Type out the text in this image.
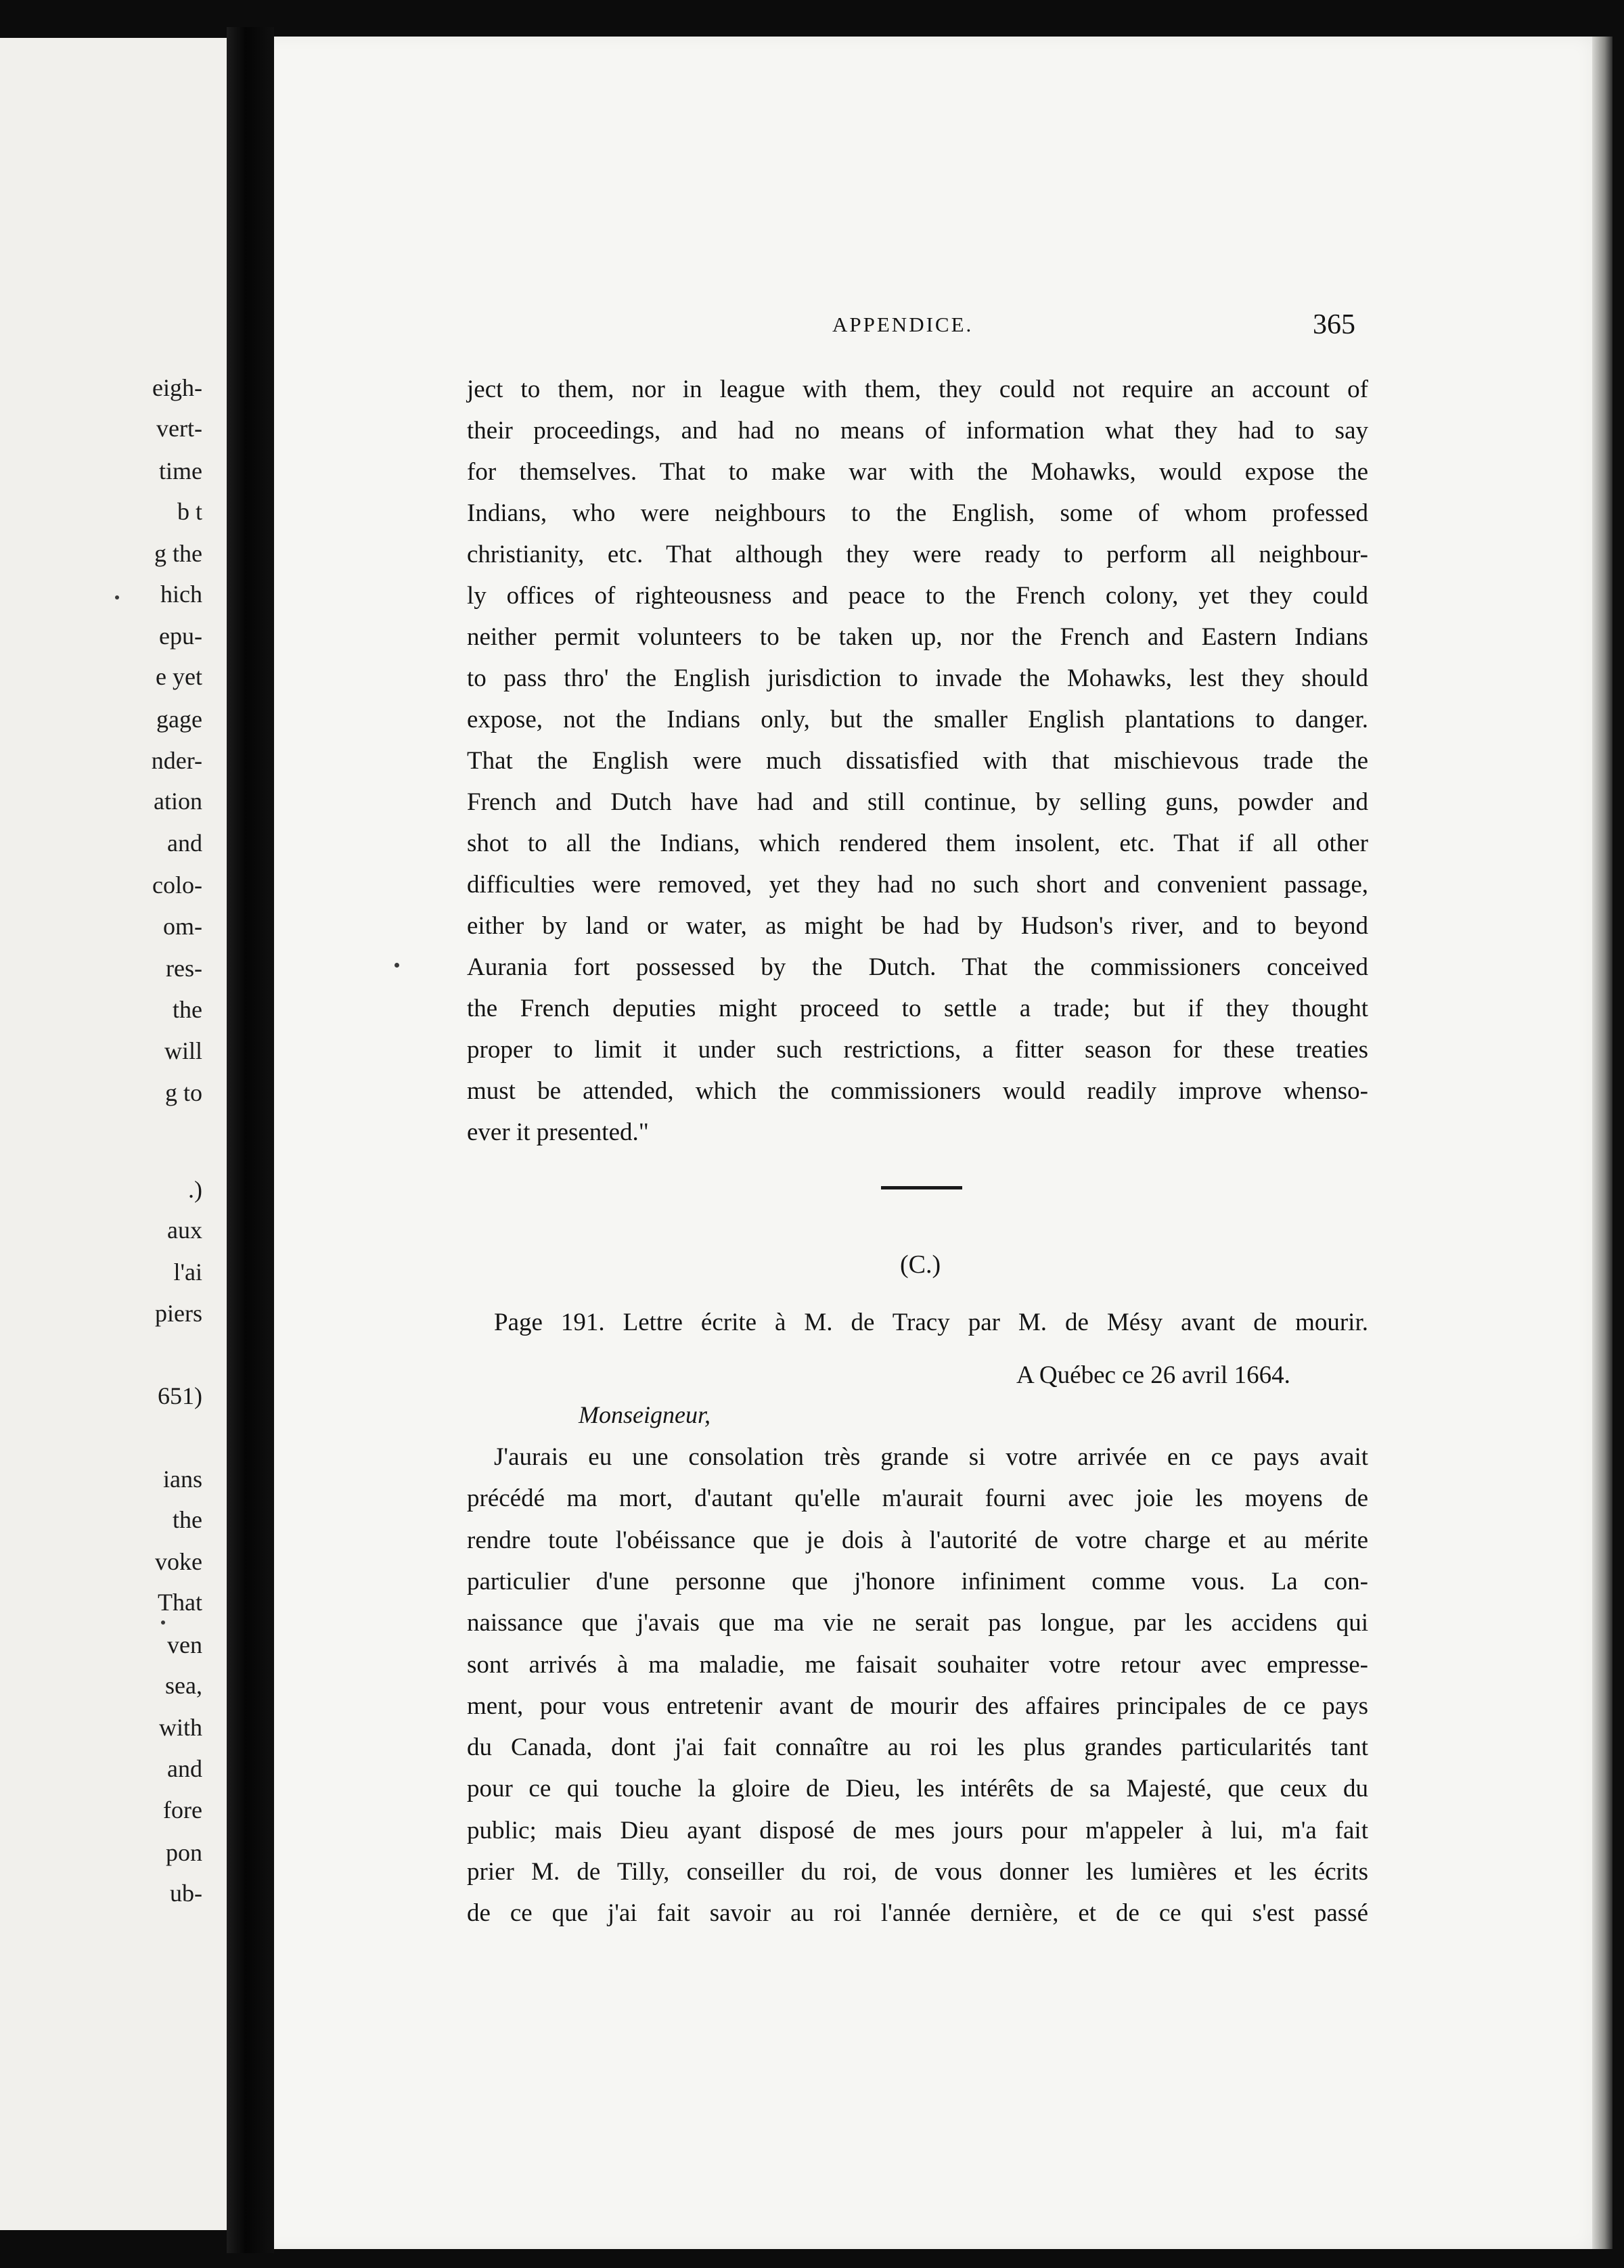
eigh-
vert-
time
b t
g the
hich
epu-
e yet
gage
nder-
ation
and
colo-
om-
res-
the
will
g to
.)
aux
l'ai
piers
651)
ians
the
voke
That
ven
sea,
with
and
fore
pon
ub-
APPENDICE.	365
ject to them, nor in league with them, they could not require an account of
their proceedings, and had no means of information what they had to say
for themselves. That to make war with the Mohawks, would expose the
Indians, who were neighbours to the English, some of whom professed
christianity, etc. That although they were ready to perform all neighbour-
ly offices of righteousness and peace to the French colony, yet they could
neither permit volunteers to be taken up, nor the French and Eastern Indians
to pass thro' the English jurisdiction to invade the Mohawks, lest they should
expose, not the Indians only, but the smaller English plantations to danger.
That the English were much dissatisfied with that mischievous trade the
French and Dutch have had and still continue, by selling guns, powder and
shot to all the Indians, which rendered them insolent, etc. That if all other
difficulties were removed, yet they had no such short and convenient passage,
either by land or water, as might be had by Hudson's river, and to beyond
Aurania fort possessed by the Dutch. That the commissioners conceived
the French deputies might proceed to settle a trade; but if they thought
proper to limit it under such restrictions, a fitter season for these treaties
must be attended, which the commissioners would readily improve whenso-
ever it presented."
(C.)
Page 191. Lettre écrite à M. de Tracy par M. de Mésy avant de mourir.
A Québec ce 26 avril 1664.
Monseigneur,
J'aurais eu une consolation très grande si votre arrivée en ce pays avait
précédé ma mort, d'autant qu'elle m'aurait fourni avec joie les moyens de
rendre toute l'obéissance que je dois à l'autorité de votre charge et au mérite
particulier d'une personne que j'honore infiniment comme vous. La con-
naissance que j'avais que ma vie ne serait pas longue, par les accidens qui
sont arrivés à ma maladie, me faisait souhaiter votre retour avec empresse-
ment, pour vous entretenir avant de mourir des affaires principales de ce pays
du Canada, dont j'ai fait connaître au roi les plus grandes particularités tant
pour ce qui touche la gloire de Dieu, les intérêts de sa Majesté, que ceux du
public; mais Dieu ayant disposé de mes jours pour m'appeler à lui, m'a fait
prier M. de Tilly, conseiller du roi, de vous donner les lumières et les écrits
de ce que j'ai fait savoir au roi l'année dernière, et de ce qui s'est passé
